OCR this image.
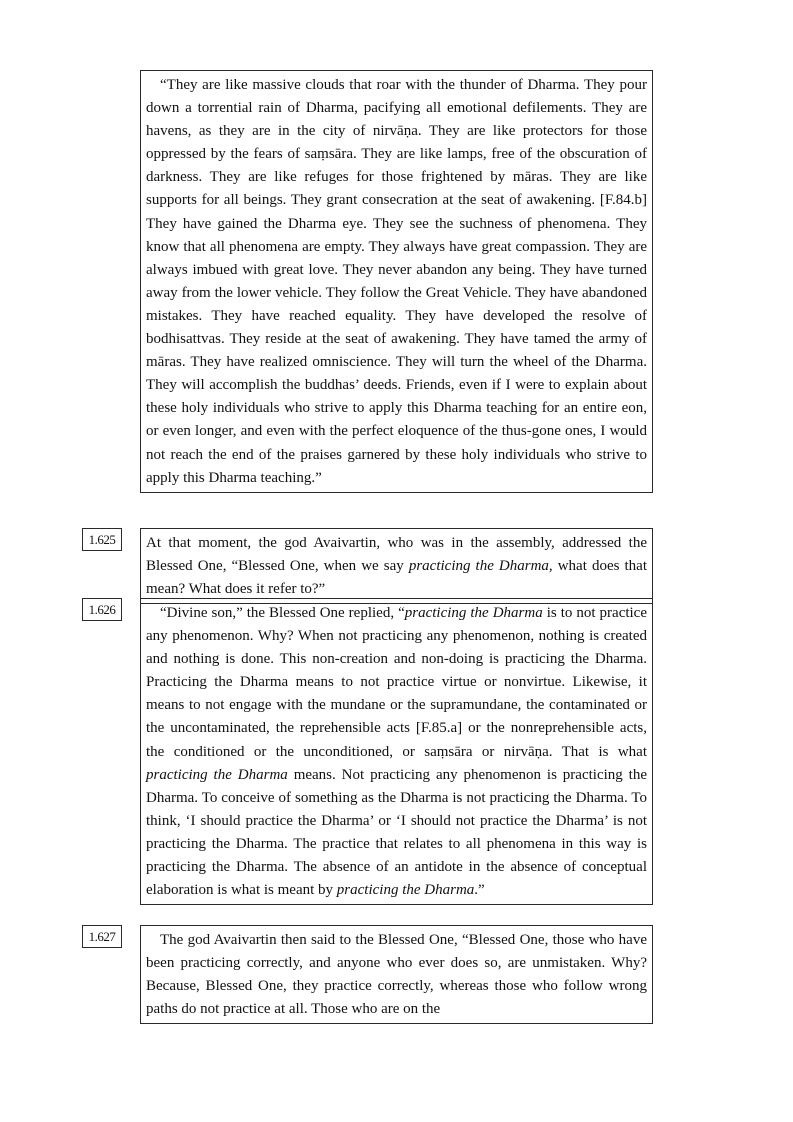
“They are like massive clouds that roar with the thunder of Dharma. They pour down a torrential rain of Dharma, pacifying all emotional defilements. They are havens, as they are in the city of nirvāṇa. They are like protectors for those oppressed by the fears of saṃsāra. They are like lamps, free of the obscuration of darkness. They are like refuges for those frightened by māras. They are like supports for all beings. They grant consecration at the seat of awakening. [F.84.b] They have gained the Dharma eye. They see the suchness of phenomena. They know that all phenomena are empty. They always have great compassion. They are always imbued with great love. They never abandon any being. They have turned away from the lower vehicle. They follow the Great Vehicle. They have abandoned mistakes. They have reached equality. They have developed the resolve of bodhisattvas. They reside at the seat of awakening. They have tamed the army of māras. They have realized omniscience. They will turn the wheel of the Dharma. They will accomplish the buddhas’ deeds. Friends, even if I were to explain about these holy individuals who strive to apply this Dharma teaching for an entire eon, or even longer, and even with the perfect eloquence of the thus-gone ones, I would not reach the end of the praises garnered by these holy individuals who strive to apply this Dharma teaching.”

1.625	At that moment, the god Avaivartin, who was in the assembly, addressed the Blessed One, “Blessed One, when we say practicing the Dharma, what does that mean? What does it refer to?”

1.626	“Divine son,” the Blessed One replied, “practicing the Dharma is to not practice any phenomenon. Why? When not practicing any phenomenon, nothing is created and nothing is done. This non-creation and non-doing is practicing the Dharma. Practicing the Dharma means to not practice virtue or nonvirtue. Likewise, it means to not engage with the mundane or the supramundane, the contaminated or the uncontaminated, the reprehensible acts [F.85.a] or the nonreprehensible acts, the conditioned or the unconditioned, or saṃsāra or nirvāṇa. That is what practicing the Dharma means. Not practicing any phenomenon is practicing the Dharma. To conceive of something as the Dharma is not practicing the Dharma. To think, ‘I should practice the Dharma’ or ‘I should not practice the Dharma’ is not practicing the Dharma. The practice that relates to all phenomena in this way is practicing the Dharma. The absence of an antidote in the absence of conceptual elaboration is what is meant by practicing the Dharma.”

1.627	The god Avaivartin then said to the Blessed One, “Blessed One, those who have been practicing correctly, and anyone who ever does so, are unmistaken. Why? Because, Blessed One, they practice correctly, whereas those who follow wrong paths do not practice at all. Those who are on the
